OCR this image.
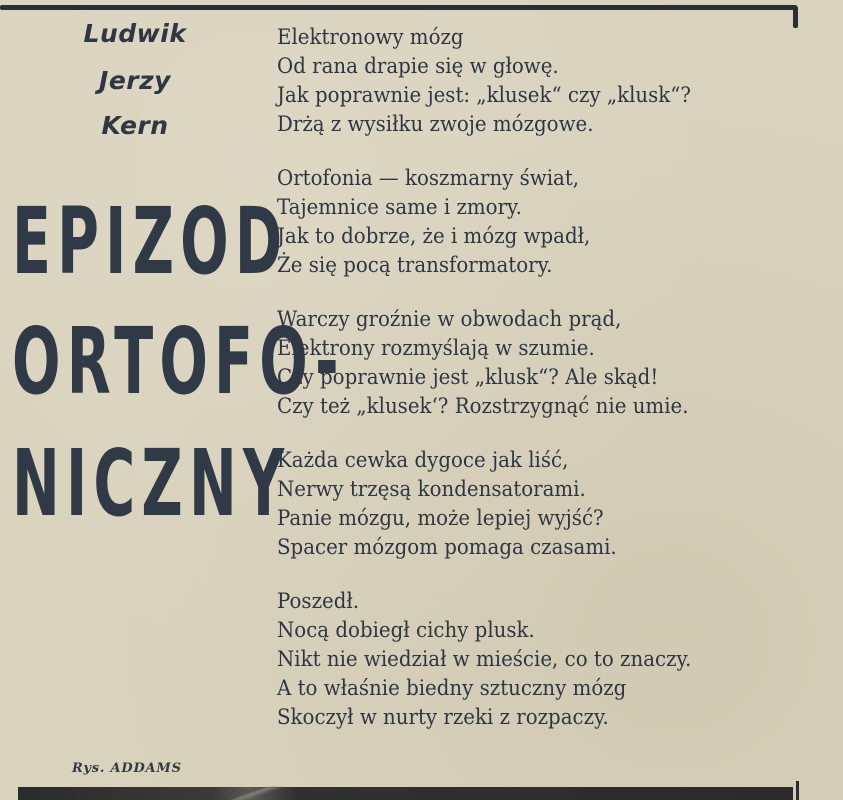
Ludwik
Jerzy
Kern
EPIZOD
ORTOFO-
NICZNY
Rys. ADDAMS
Elektronowy mózg
Od rana drapie się w głowę.
Jak poprawnie jest: „klusek“ czy „klusk“?
Drżą z wysiłku zwoje mózgowe.
Ortofonia — koszmarny świat,
Tajemnice same i zmory.
Jak to dobrze, że i mózg wpadł,
Że się pocą transformatory.
Warczy groźnie w obwodach prąd,
Elektrony rozmyślają w szumie.
Czy poprawnie jest „klusk“? Ale skąd!
Czy też „klusek‘? Rozstrzygnąć nie umie.
Każda cewka dygoce jak liść,
Nerwy trzęsą kondensatorami.
Panie mózgu, może lepiej wyjść?
Spacer mózgom pomaga czasami.
Poszedł.
Nocą dobiegł cichy plusk.
Nikt nie wiedział w mieście, co to znaczy.
A to właśnie biedny sztuczny mózg
Skoczył w nurty rzeki z rozpaczy.
